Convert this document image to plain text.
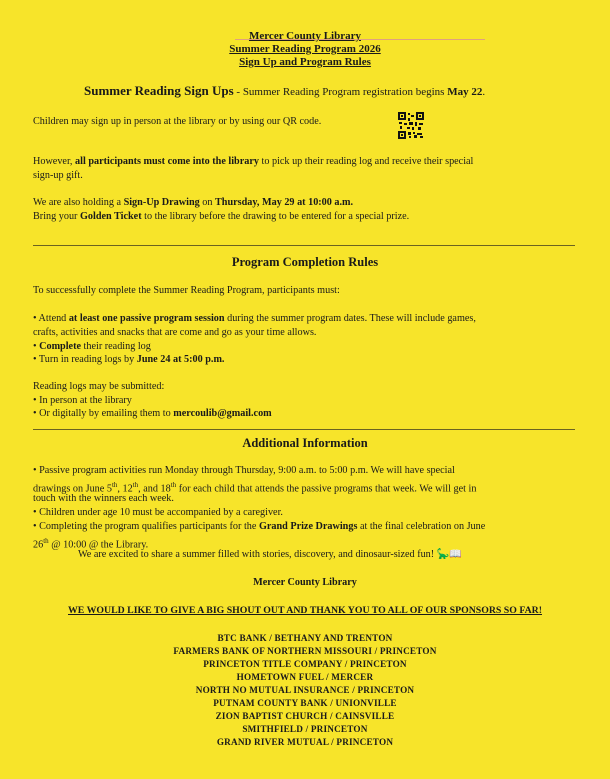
Mercer County Library
Summer Reading Program 2026
Sign Up and Program Rules
Summer Reading Sign Ups - Summer Reading Program registration begins May 22.
Children may sign up in person at the library or by using our QR code.
However, all participants must come into the library to pick up their reading log and receive their special
sign-up gift.
We are also holding a Sign-Up Drawing on Thursday, May 29 at 10:00 a.m.
Bring your Golden Ticket to the library before the drawing to be entered for a special prize.
Program Completion Rules
To successfully complete the Summer Reading Program, participants must:
• Attend at least one passive program session during the summer program dates. These will include games,
crafts, activities and snacks that are come and go as your time allows.
• Complete their reading log
• Turn in reading logs by June 24 at 5:00 p.m.
Reading logs may be submitted:
• In person at the library
• Or digitally by emailing them to mercoulib@gmail.com
Additional Information
• Passive program activities run Monday through Thursday, 9:00 a.m. to 5:00 p.m. We will have special
drawings on June 5th, 12th, and 18th for each child that attends the passive programs that week. We will get in
touch with the winners each week.
• Children under age 10 must be accompanied by a caregiver.
• Completing the program qualifies participants for the Grand Prize Drawings at the final celebration on June
26th @ 10:00 @ the Library.
We are excited to share a summer filled with stories, discovery, and dinosaur-sized fun! 🦕📖
Mercer County Library
WE WOULD LIKE TO GIVE A BIG SHOUT OUT AND THANK YOU TO ALL OF OUR SPONSORS SO FAR!
BTC BANK / BETHANY AND TRENTON
FARMERS BANK OF NORTHERN MISSOURI / PRINCETON
PRINCETON TITLE COMPANY / PRINCETON
HOMETOWN FUEL / MERCER
NORTH NO MUTUAL INSURANCE / PRINCETON
PUTNAM COUNTY BANK / UNIONVILLE
ZION BAPTIST CHURCH / CAINSVILLE
SMITHFIELD / PRINCETON
GRAND RIVER MUTUAL / PRINCETON
